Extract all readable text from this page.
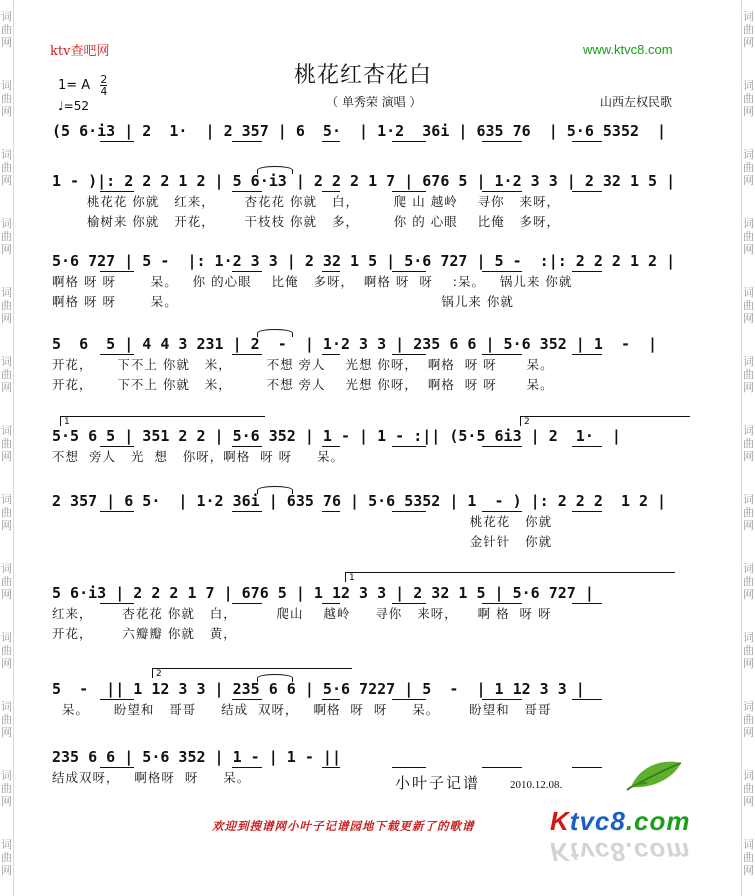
词
曲
网
词
曲
网
词
曲
网
词
曲
网
词
曲
网
词
曲
网
词
曲
网
词
曲
网
词
曲
网
词
曲
网
词
曲
网
词
曲
网
词
曲
网
词
曲
网
词
曲
网
词
曲
网
词
曲
网
词
曲
网
词
曲
网
词
曲
网
词
曲
网
词
曲
网
词
曲
网
词
曲
网
词
曲
网
词
曲
网
ktv查吧网	www.ktvc8.com
桃花红杏花白
（ 单秀荣 演唱 ）
1= A $\frac{2}{4}$
♩=52	山西左权民歌
(5 6·i3 | 2  1·  | 2 357 | 6  5·  | 1·2  36i | 635 76  | 5·6 5352  |
1 - )|: 2 2 2 1 2 | 5 6·i3 | 2 2 2 1 7 | 676 5 | 1·2 3 3 | 2 32 1 5 |
桃花花 你就   红来，      杏花花 你就   白，       爬 山 越岭    寻你   来呀，
榆树来 你就   开花，      干枝枝 你就   多，       你 的 心眼    比俺   多呀，
5·6 727 | 5 -  |: 1·2 3 3 | 2 32 1 5 | 5·6 727 | 5 -  :|: 2 2 2 1 2 |
啊格 呀 呀       呆。   你 的心眼    比俺   多呀，  啊格 呀  呀    :呆。   锅儿来 你就
啊格 呀 呀       呆。                                                     锅儿来 你就
5  6  5 | 4 4 3 231 | 2  -  | 1·2 3 3 | 235 6 6 | 5·6 352 | 1  -  |
开花，     下不上 你就   米，       不想 旁人    光想 你呀，  啊格  呀 呀      呆。
开花，     下不上 你就   米，       不想 旁人    光想 你呀，  啊格  呀 呀      呆。
5·5 6 5 | 351 2 2 | 5·6 352 | 1 - | 1 - :|| (5·5 6i3 | 2  1·  |
不想  旁人   光  想   你呀，啊格  呀 呀     呆。
2 357 | 6 5·  | 1·2 36i | 635 76 | 5·6 5352 | 1  - ) |: 2 2 2  1 2 |
桃花花   你就
金针针   你就
5 6·i3 | 2 2 2 1 7 | 676 5 | 1 12 3 3 | 2 32 1 5 | 5·6 727 |
红来，      杏花花 你就   白，        爬山    越岭     寻你   来呀，    啊 格  呀 呀
开花，      六瓣瓣 你就   黄，
5  -  || 1 12 3 3 | 235 6 6 | 5·6 7227 | 5  -  | 1 12 3 3 |
呆。     盼望和   哥哥     结成  双呀，   啊格  呀  呀     呆。      盼望和   哥哥
235 6 6 | 5·6 352 | 1 - | 1 - ||
结成双呀，   啊格呀  呀     呆。	小叶子记谱	2010.12.08.
欢迎到搜谱网小叶子记谱园地下载更新了的歌谱	Ktvc8.com
Ktvc8.com
1	2
1
2
